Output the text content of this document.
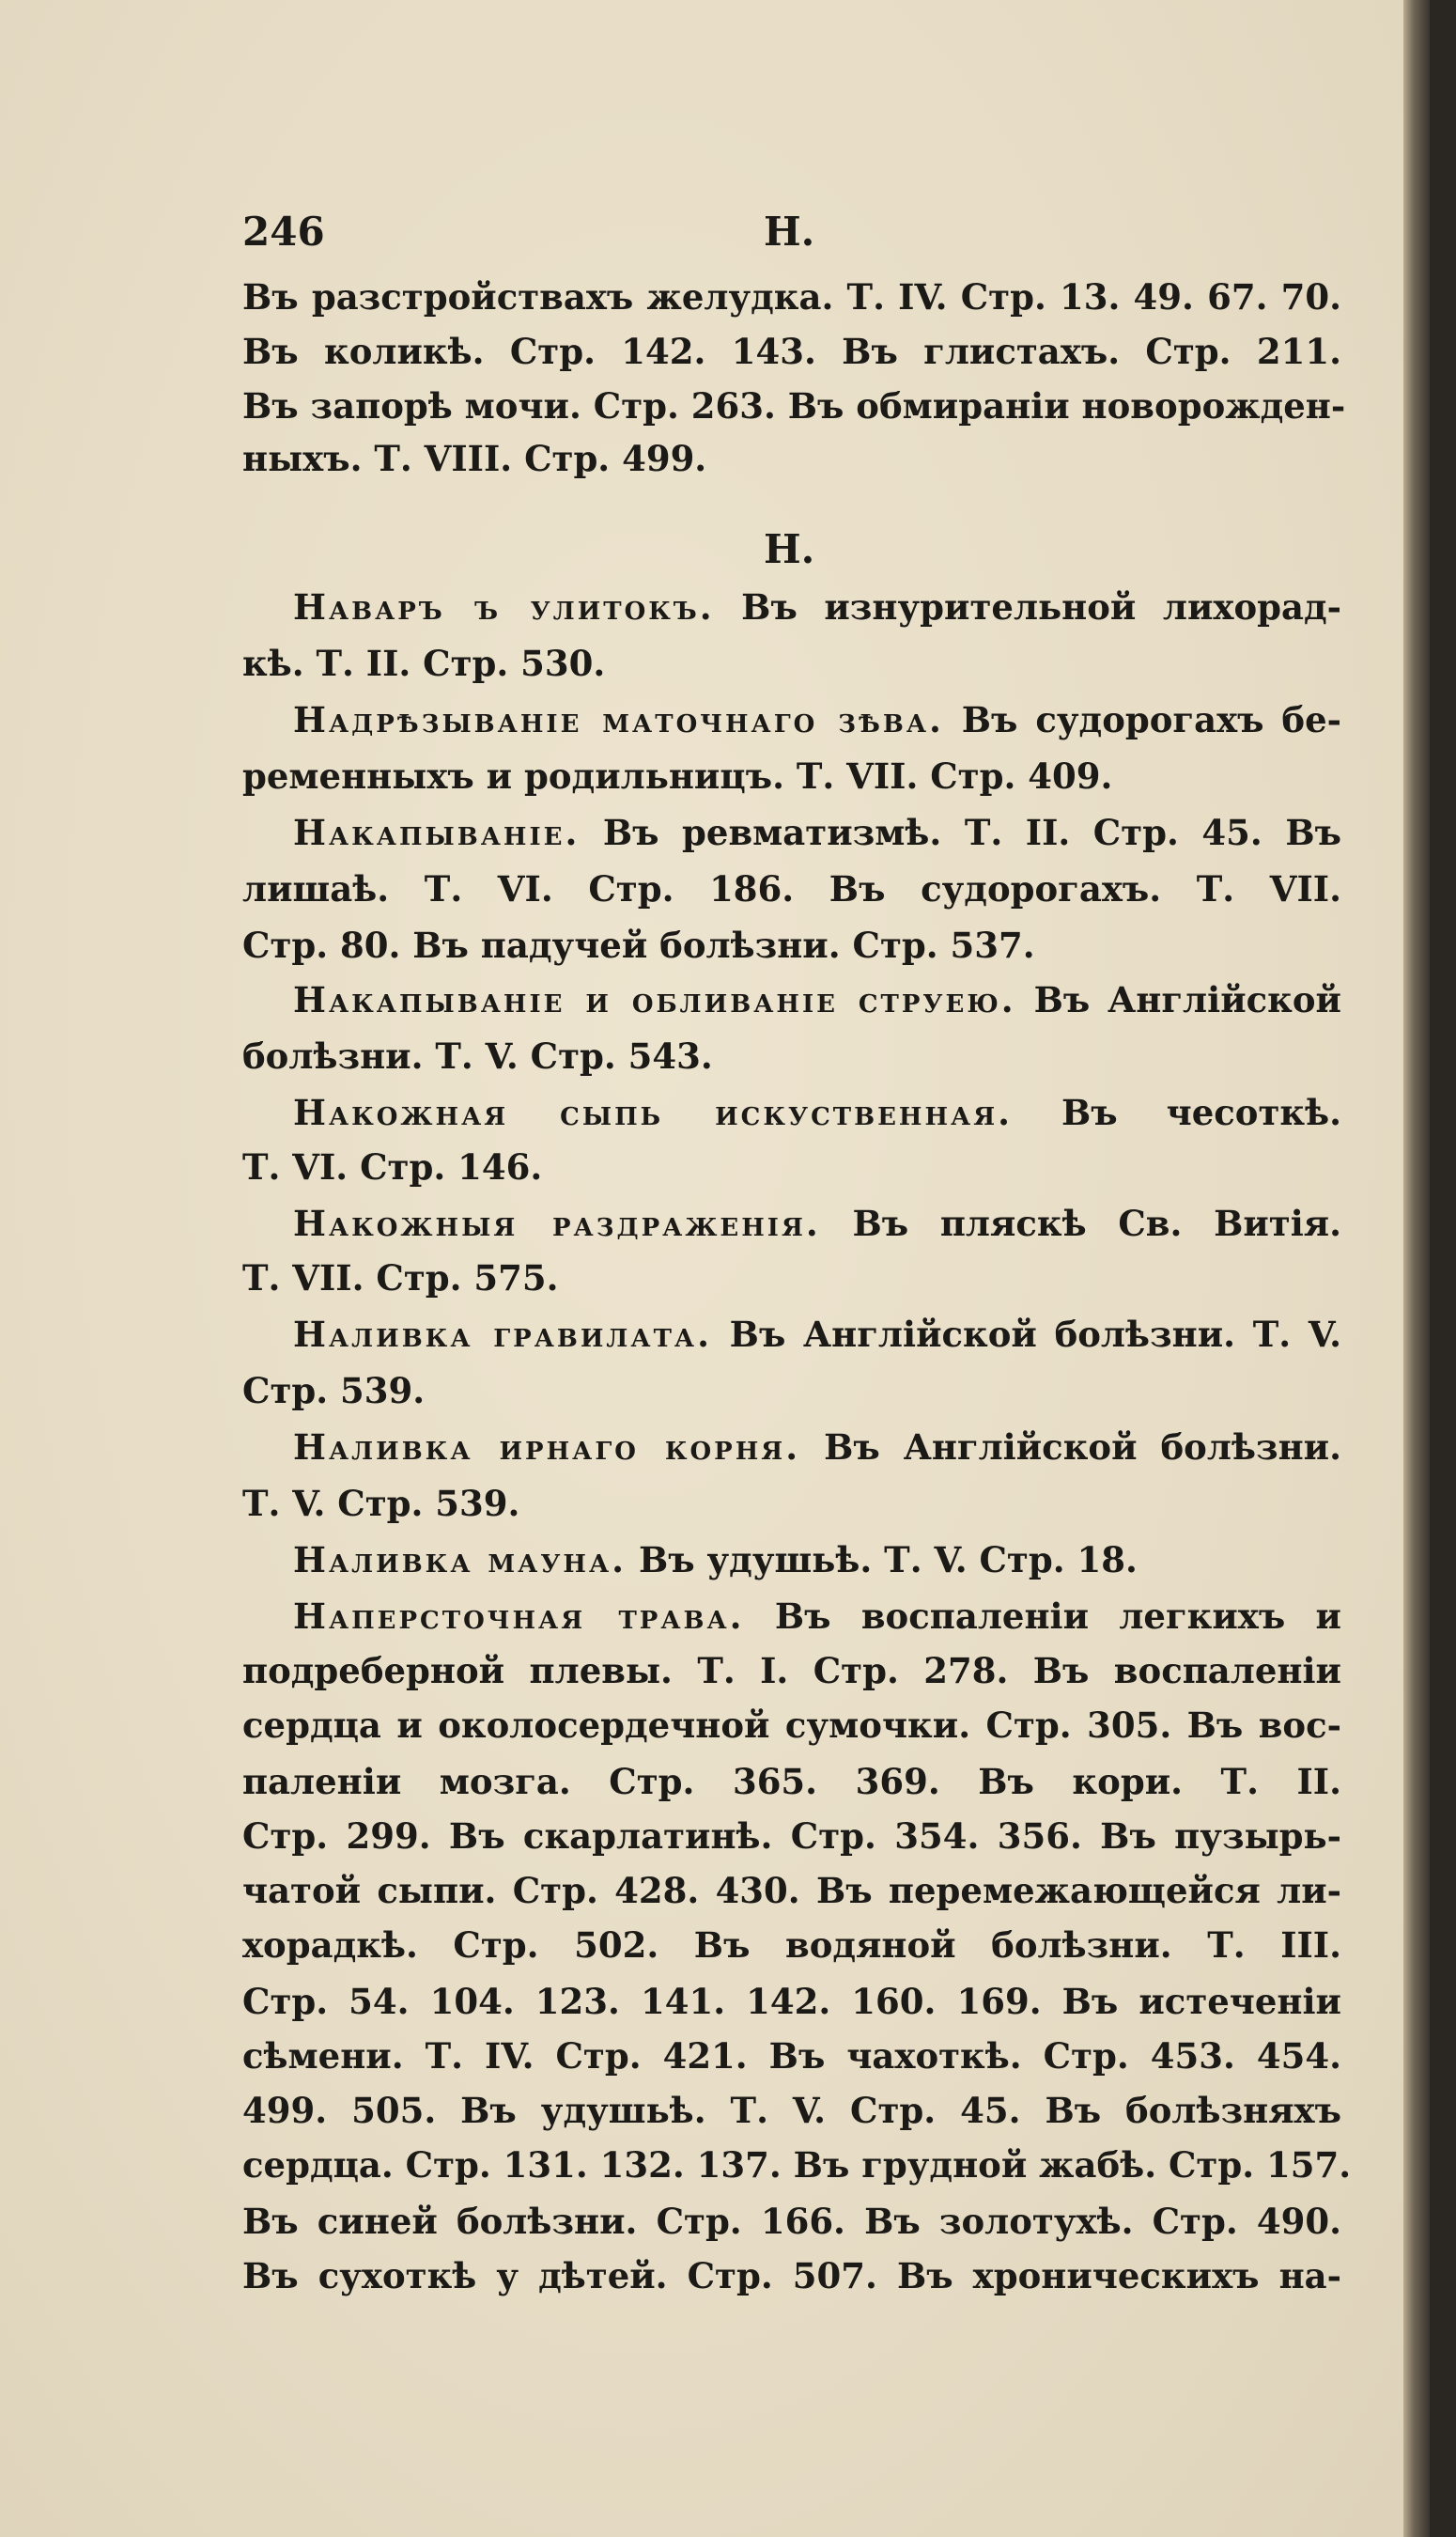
246	Н.
Н.
Въ разстройствахъ желудка. Т. IV. Стр. 13. 49. 67. 70.
Въ коликѣ. Стр. 142. 143. Въ глистахъ. Стр. 211.
Въ запорѣ мочи. Стр. 263. Въ обмиранiи новорожден-
ныхъ. Т. VIII. Стр. 499.
Наваръ ъ улитокъ. Въ изнурительной лихорад-
кѣ. Т. II. Стр. 530.
Надрѣзыванiе маточнаго зѣва. Въ судорогахъ бе-
ременныхъ и родильницъ. Т. VII. Стр. 409.
Накапыванiе. Въ ревматизмѣ. Т. II. Стр. 45. Въ
лишаѣ. Т. VI. Стр. 186. Въ судорогахъ. Т. VII.
Стр. 80. Въ падучей болѣзни. Стр. 537.
Накапыванiе и обливанiе струею. Въ Англiйской
болѣзни. Т. V. Стр. 543.
Накожная сыпь искуственная. Въ чесоткѣ.
Т. VI. Стр. 146.
Накожныя раздраженiя. Въ пляскѣ Св. Витiя.
Т. VII. Стр. 575.
Наливка гравилата. Въ Англiйской болѣзни. Т. V.
Стр. 539.
Наливка ирнаго корня. Въ Англiйской болѣзни.
Т. V. Стр. 539.
Наливка мауна. Въ удушьѣ. Т. V. Стр. 18.
Наперсточная трава. Въ воспаленiи легкихъ и
подреберной плевы. Т. I. Стр. 278. Въ воспаленiи
сердца и околосердечной сумочки. Стр. 305. Въ вос-
паленiи мозга. Стр. 365. 369. Въ кори. Т. II.
Стр. 299. Въ скарлатинѣ. Стр. 354. 356. Въ пузырь-
чатой сыпи. Стр. 428. 430. Въ перемежающейся ли-
хорадкѣ. Стр. 502. Въ водяной болѣзни. Т. III.
Стр. 54. 104. 123. 141. 142. 160. 169. Въ истеченiи
сѣмени. Т. IV. Стр. 421. Въ чахоткѣ. Стр. 453. 454.
499. 505. Въ удушьѣ. Т. V. Стр. 45. Въ болѣзняхъ
сердца. Стр. 131. 132. 137. Въ грудной жабѣ. Стр. 157.
Въ синей болѣзни. Стр. 166. Въ золотухѣ. Стр. 490.
Въ сухоткѣ у дѣтей. Стр. 507. Въ хроническихъ на-
